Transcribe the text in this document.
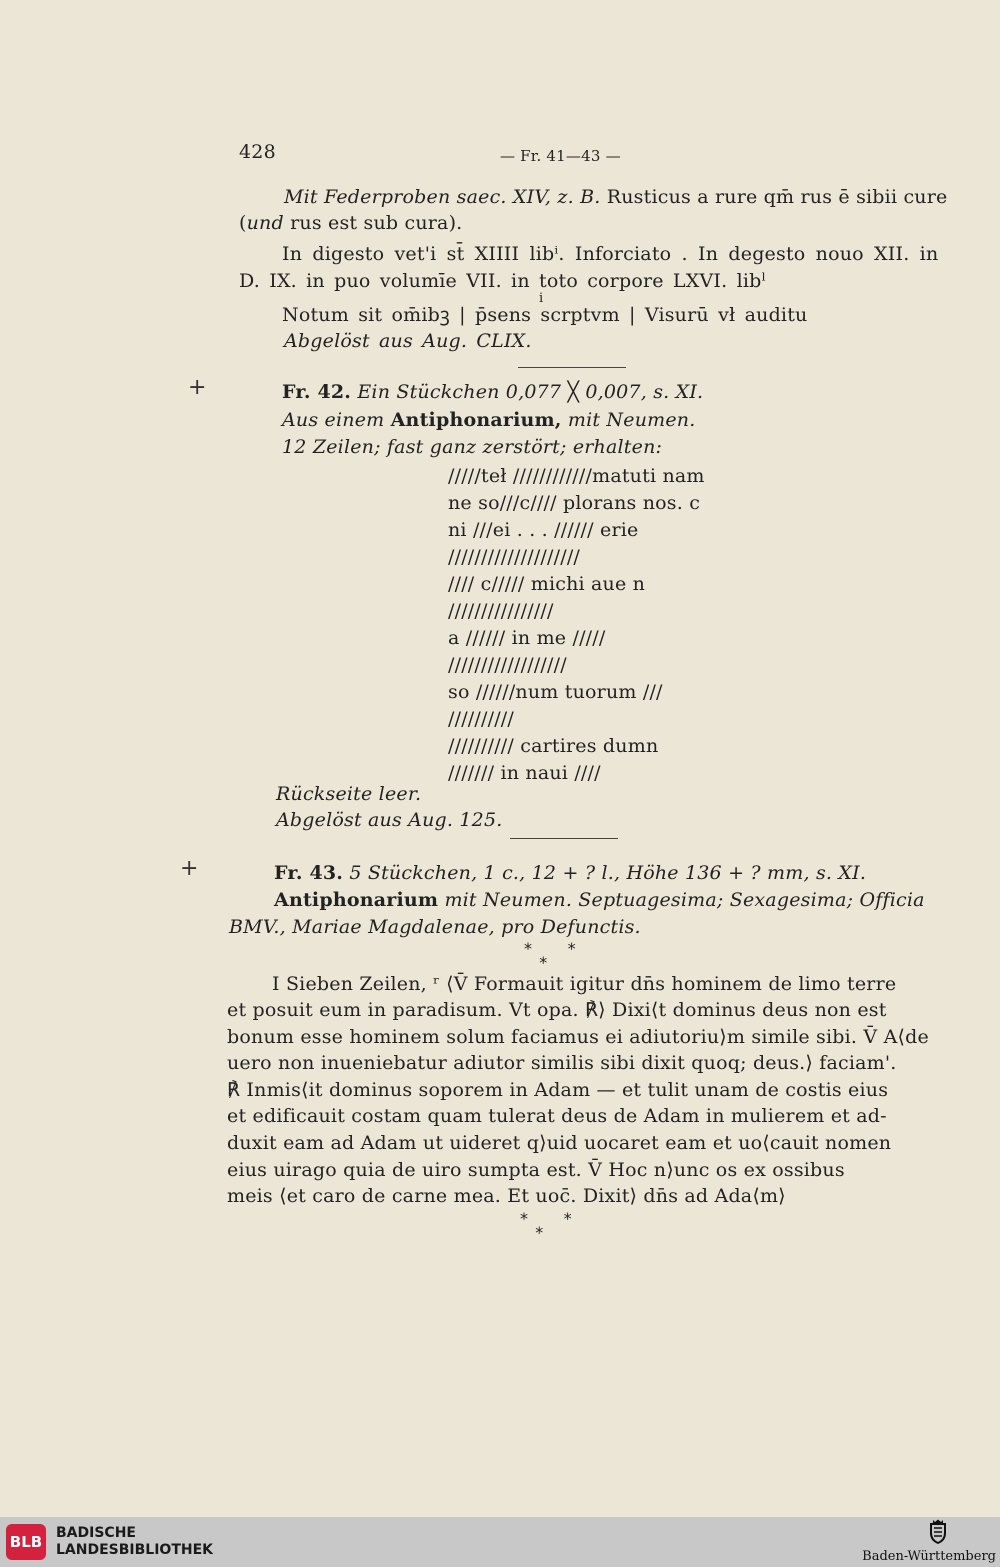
428	— Fr. 41—43 —
Mit Federproben saec. XIV, z. B. Rusticus a rure qm̄ rus ē sibii cure
(und rus est sub cura).
In digesto vet'i st̄ XIIII libⁱ. Inforciato . In degesto nouo XII. in
D. IX. in puo volumīe VII. in toto corpore LXVI. libˡ
i
Notum sit om̄ibꝫ | p̄sens scrptvm | Visurū vł auditu
Abgelöst aus Aug. CLIX.
+	Fr. 42. Ein Stückchen 0,077 ╳ 0,007, s. XI.
Aus einem Antiphonarium, mit Neumen.
12 Zeilen; fast ganz zerstört; erhalten:
/////teł ////////////matuti nam
ne so///c//// plorans nos. c
ni ///ei . . . ////// erie
////////////////////
//// c///// michi aue n
////////////////
a ////// in me /////
//////////////////
so //////num tuorum ///
//////////
////////// cartires dumn
/////// in naui ////
Rückseite leer.
Abgelöst aus Aug. 125.
+	Fr. 43. 5 Stückchen, 1 c., 12 + ? l., Höhe 136 + ? mm, s. XI.
Antiphonarium mit Neumen. Septuagesima; Sexagesima; Officia
BMV., Mariae Magdalenae, pro Defunctis.
*       *
*
I Sieben Zeilen, ʳ ⟨V̄ Formauit igitur dn̄s hominem de limo terre
et posuit eum in paradisum. Vt opa. ℟⟩ Dixi⟨t dominus deus non est
bonum esse hominem solum faciamus ei adiutoriu⟩m simile sibi. V̄ A⟨de
uero non inueniebatur adiutor similis sibi dixit quoq; deus.⟩ faciam'.
℟ Inmis⟨it dominus soporem in Adam — et tulit unam de costis eius
et edificauit costam quam tulerat deus de Adam in mulierem et ad-
duxit eam ad Adam ut uideret q⟩uid uocaret eam et uo⟨cauit nomen
eius uirago quia de uiro sumpta est. V̄ Hoc n⟩unc os ex ossibus
meis ⟨et caro de carne mea. Et uoc̄. Dixit⟩ dn̄s ad Ada⟨m⟩
*       *
*
BLB BADISCHE
LANDESBIBLIOTHEK	Baden-Württemberg
